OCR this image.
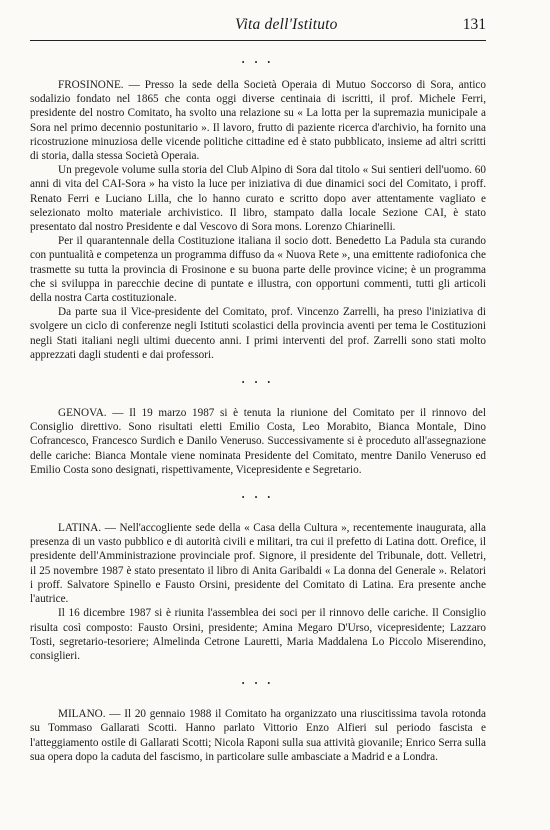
Vita dell'Istituto	131
• • •

FROSINONE. — Presso la sede della Società Operaia di Mutuo Soccorso di Sora, antico sodalizio fondato nel 1865 che conta oggi diverse centinaia di iscritti, il prof. Michele Ferri, presidente del nostro Comitato, ha svolto una relazione su « La lotta per la supremazia municipale a Sora nel primo decennio postunitario ». Il lavoro, frutto di paziente ricerca d'archivio, ha fornito una ricostruzione minuziosa delle vicende politiche cittadine ed è stato pubblicato, insieme ad altri scritti di storia, dalla stessa Società Operaia.

Un pregevole volume sulla storia del Club Alpino di Sora dal titolo « Sui sentieri dell'uomo. 60 anni di vita del CAI-Sora » ha visto la luce per iniziativa di due dinamici soci del Comitato, i proff. Renato Ferri e Luciano Lilla, che lo hanno curato e scritto dopo aver attentamente vagliato e selezionato molto materiale archivistico. Il libro, stampato dalla locale Sezione CAI, è stato presentato dal nostro Presidente e dal Vescovo di Sora mons. Lorenzo Chiarinelli.

Per il quarantennale della Costituzione italiana il socio dott. Benedetto La Padula sta curando con puntualità e competenza un programma diffuso da « Nuova Rete », una emittente radiofonica che trasmette su tutta la provincia di Frosinone e su buona parte delle province vicine; è un programma che si sviluppa in parecchie decine di puntate e illustra, con opportuni commenti, tutti gli articoli della nostra Carta costituzionale.

Da parte sua il Vice-presidente del Comitato, prof. Vincenzo Zarrelli, ha preso l'iniziativa di svolgere un ciclo di conferenze negli Istituti scolastici della provincia aventi per tema le Costituzioni negli Stati italiani negli ultimi duecento anni. I primi interventi del prof. Zarrelli sono stati molto apprezzati dagli studenti e dai professori.

• • •

GENOVA. — Il 19 marzo 1987 si è tenuta la riunione del Comitato per il rinnovo del Consiglio direttivo. Sono risultati eletti Emilio Costa, Leo Morabito, Bianca Montale, Dino Cofrancesco, Francesco Surdich e Danilo Veneruso. Successivamente si è proceduto all'assegnazione delle cariche: Bianca Montale viene nominata Presidente del Comitato, mentre Danilo Veneruso ed Emilio Costa sono designati, rispettivamente, Vicepresidente e Segretario.

• • •

LATINA. — Nell'accogliente sede della « Casa della Cultura », recentemente inaugurata, alla presenza di un vasto pubblico e di autorità civili e militari, tra cui il prefetto di Latina dott. Orefice, il presidente dell'Amministrazione provinciale prof. Signore, il presidente del Tribunale, dott. Velletri, il 25 novembre 1987 è stato presentato il libro di Anita Garibaldi « La donna del Generale ». Relatori i proff. Salvatore Spinello e Fausto Orsini, presidente del Comitato di Latina. Era presente anche l'autrice.

Il 16 dicembre 1987 si è riunita l'assemblea dei soci per il rinnovo delle cariche. Il Consiglio risulta così composto: Fausto Orsini, presidente; Amina Megaro D'Urso, vicepresidente; Lazzaro Tosti, segretario-tesoriere; Almelinda Cetrone Lauretti, Maria Maddalena Lo Piccolo Miserendino, consiglieri.

• • •

MILANO. — Il 20 gennaio 1988 il Comitato ha organizzato una riuscitissima tavola rotonda su Tommaso Gallarati Scotti. Hanno parlato Vittorio Enzo Alfieri sul periodo fascista e l'atteggiamento ostile di Gallarati Scotti; Nicola Raponi sulla sua attività giovanile; Enrico Serra sulla sua opera dopo la caduta del fascismo, in particolare sulle ambasciate a Madrid e a Londra.
